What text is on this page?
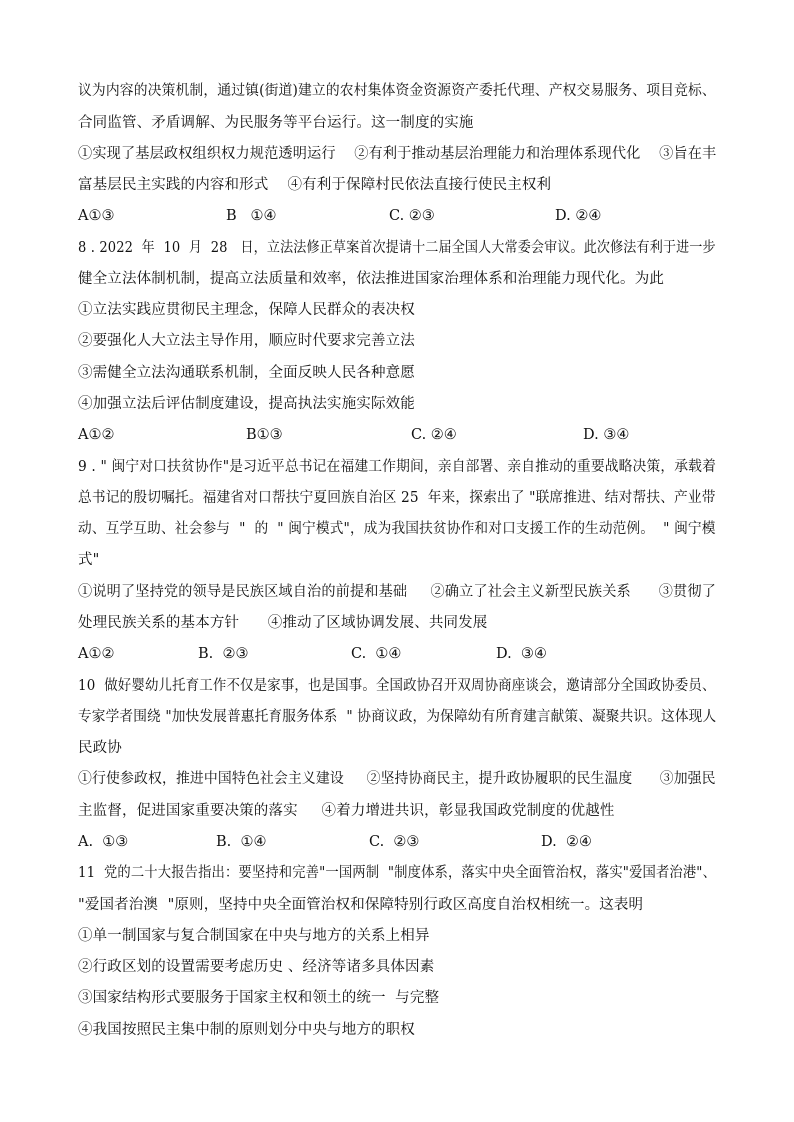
议为内容的决策机制，通过镇(街道)建立的农村集体资金资源资产委托代理、产权交易服务、项目竞标、
合同监管、矛盾调解、为民服务等平台运行。这一制度的实施
①实现了基层政权组织权力规范透明运行    ②有利于推动基层治理能力和治理体系现代化    ③旨在丰
富基层民主实践的内容和形式    ④有利于保障村民依法直接行使民主权利
A①③	B   ①④	C. ②③	D. ②④
8 . 2022  年  10  月  28   日，立法法修正草案首次提请十二届全国人大常委会审议。此次修法有利于进一步
健全立法体制机制，提高立法质量和效率，依法推进国家治理体系和治理能力现代化。为此
①立法实践应贯彻民主理念，保障人民群众的表决权
②要强化人大立法主导作用，顺应时代要求完善立法
③需健全立法沟通联系机制，全面反映人民各种意愿
④加强立法后评估制度建设，提高执法实施实际效能
A①②	B①③	C. ②④	D. ③④
9 . " 闽宁对口扶贫协作"是习近平总书记在福建工作期间，亲自部署、亲自推动的重要战略决策，承载着
总书记的殷切嘱托。福建省对口帮扶宁夏回族自治区 25  年来，探索出了 "联席推进、结对帮扶、产业带
动、互学互助、社会参与  "  的  " 闽宁模式"，成为我国扶贫协作和对口支援工作的生动范例。  " 闽宁模
式"
①说明了坚持党的领导是民族区域自治的前提和基础     ②确立了社会主义新型民族关系      ③贯彻了
处理民族关系的基本方针      ④推动了区域协调发展、共同发展
A①②	B.  ②③	C.  ①④	D.  ③④
10  做好婴幼儿托育工作不仅是家事，也是国事。全国政协召开双周协商座谈会，邀请部分全国政协委员、
专家学者围绕 "加快发展普惠托育服务体系  " 协商议政，为保障幼有所育建言献策、凝聚共识。这体现人
民政协
①行使参政权，推进中国特色社会主义建设     ②坚持协商民主，提升政协履职的民生温度      ③加强民
主监督，促进国家重要决策的落实     ④着力增进共识，彰显我国政党制度的优越性
A.  ①③	B.  ①④	C.  ②③	D.  ②④
11  党的二十大报告指出：要坚持和完善"一国两制  "制度体系，落实中央全面管治权，落实"爱国者治港"、
"爱国者治澳  "原则，坚持中央全面管治权和保障特别行政区高度自治权相统一。这表明
①单一制国家与复合制国家在中央与地方的关系上相异
②行政区划的设置需要考虑历史 、经济等诸多具体因素
③国家结构形式要服务于国家主权和领土的统一  与完整
④我国按照民主集中制的原则划分中央与地方的职权
